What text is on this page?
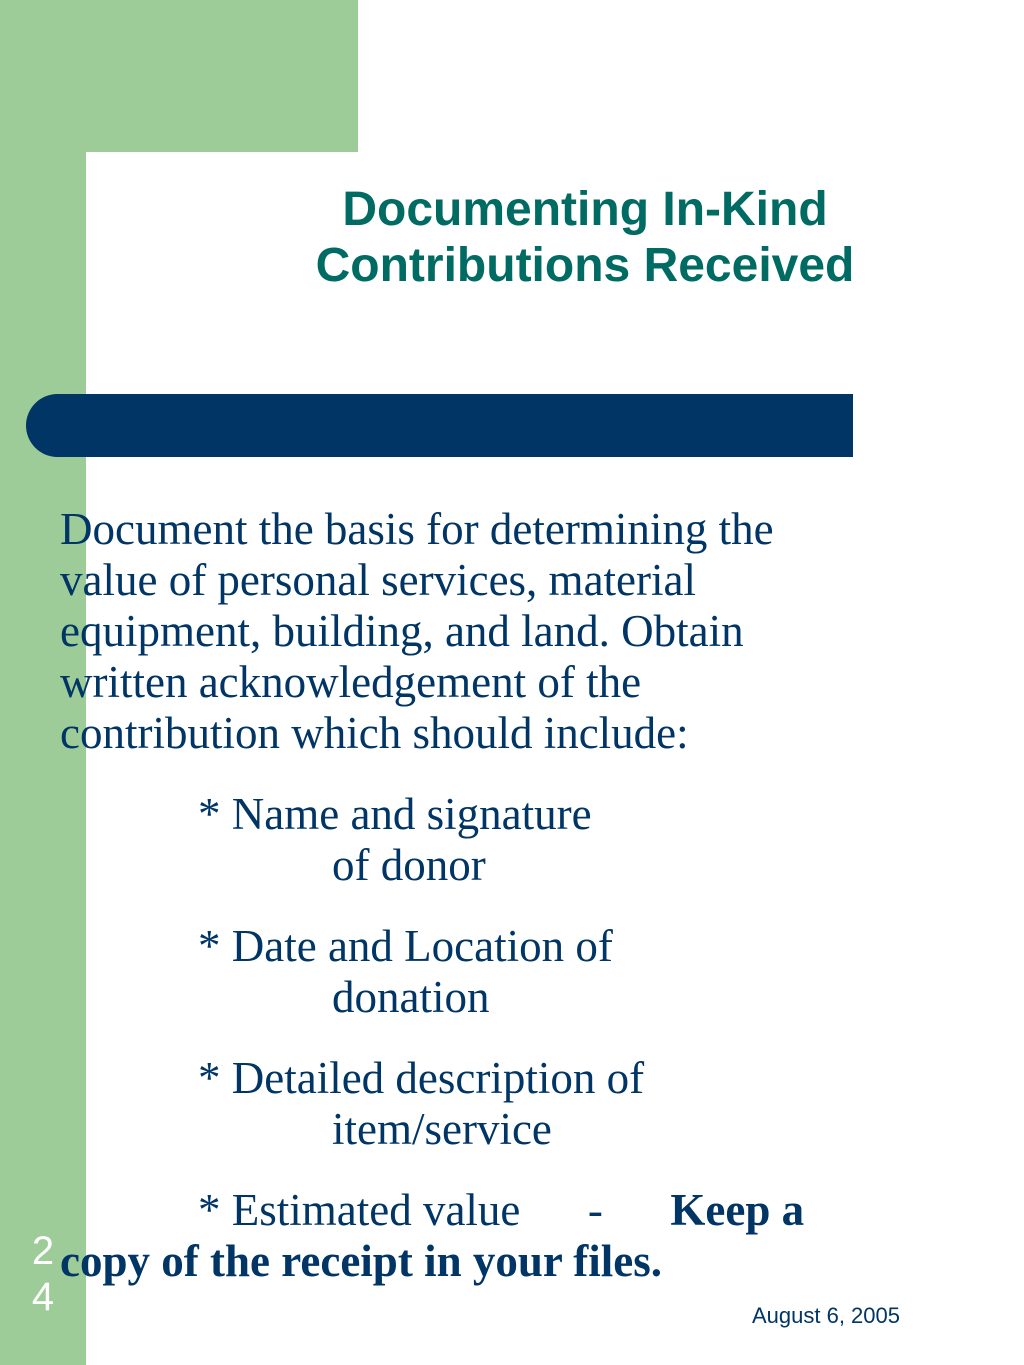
Documenting In-Kind
Contributions Received

Document the basis for determining the
value of personal services, material
equipment, building, and land. Obtain
written acknowledgement of the
contribution which should include:

* Name and signature
of donor
* Date and Location of
donation
* Detailed description of
item/service
* Estimated value - Keep a
copy of the receipt in your files.
24	August 6, 2005
